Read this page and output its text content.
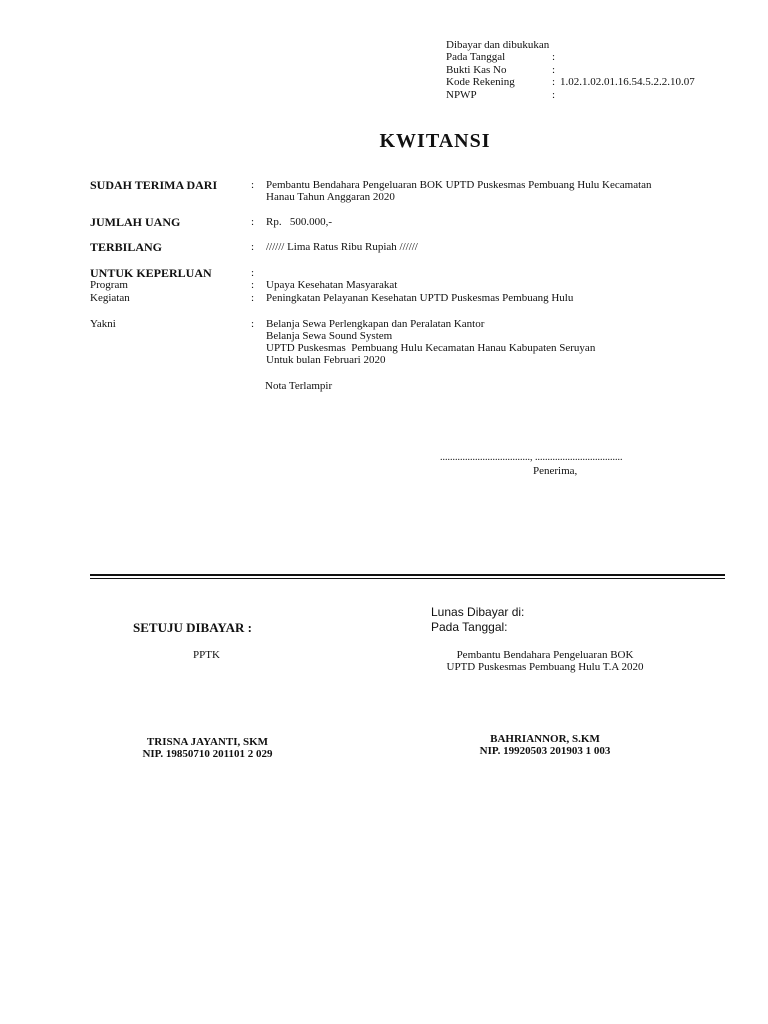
Dibayar dan dibukukan
Pada Tanggal	:
Bukti Kas No	:
Kode Rekening	: 1.02.1.02.01.16.54.5.2.2.10.07
NPWP	:
KWITANSI
SUDAH TERIMA DARI	: Pembantu Bendahara Pengeluaran BOK UPTD Puskesmas Pembuang Hulu Kecamatan
Hanau Tahun Anggaran 2020
JUMLAH UANG	: Rp.   500.000,-
TERBILANG	: ////// Lima Ratus Ribu Rupiah //////
UNTUK KEPERLUAN	:
Program	: Upaya Kesehatan Masyarakat
Kegiatan	: Peningkatan Pelayanan Kesehatan UPTD Puskesmas Pembuang Hulu
Yakni	: Belanja Sewa Perlengkapan dan Peralatan Kantor
Belanja Sewa Sound System
UPTD Puskesmas  Pembuang Hulu Kecamatan Hanau Kabupaten Seruyan
Untuk bulan Februari 2020
Nota Terlampir
...................................., ...................................
Penerima,
SETUJU DIBAYAR :
PPTK
TRISNA JAYANTI, SKM
NIP. 19850710 201101 2 029
Lunas Dibayar di:
Pada Tanggal:
Pembantu Bendahara Pengeluaran BOK
UPTD Puskesmas Pembuang Hulu T.A 2020
BAHRIANNOR, S.KM
NIP. 19920503 201903 1 003
